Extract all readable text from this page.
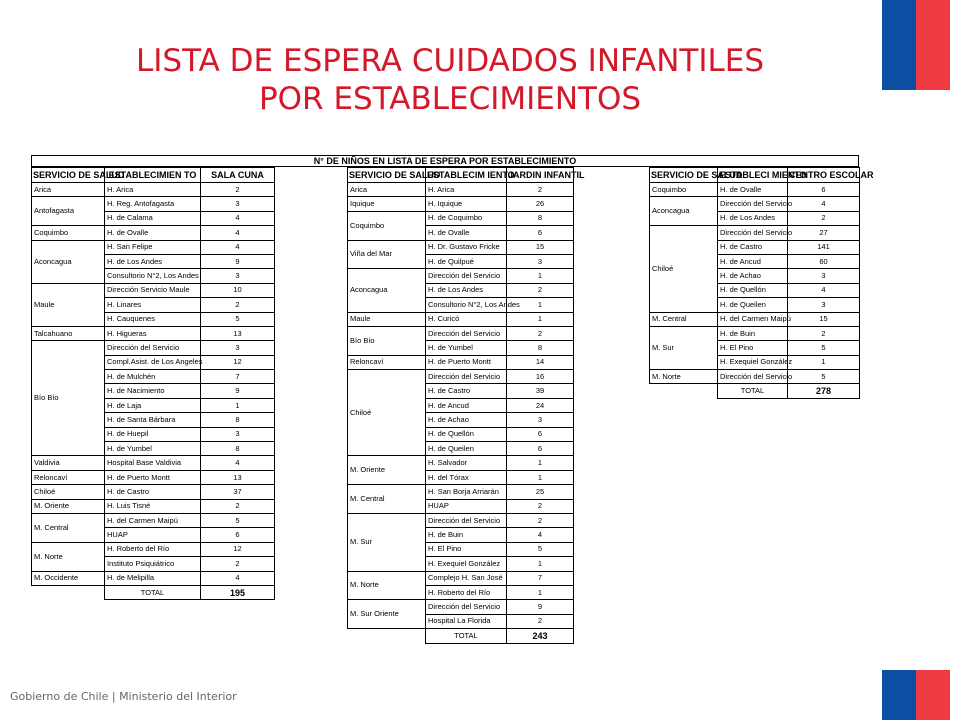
LISTA DE ESPERA CUIDADOS INFANTILES
POR ESTABLECIMIENTOS
N° DE NIÑOS EN LISTA DE ESPERA POR ESTABLECIMIENTO
SERVICIO DE SALUD	ESTABLECIMIEN TO	SALA CUNA
Arica	H. Arica	2
Antofagasta	H. Reg. Antofagasta	3
	H. de Calama	4
Coquimbo	H. de Ovalle	4
Aconcagua	H. San Felipe	4
	H. de Los Andes	9
	Consultorio N°2, Los Andes	3
Maule	Dirección Servicio Maule	10
	H. Linares	2
	H. Cauquenes	5
Talcahuano	H. Higueras	13
Bío Bío	Dirección del Servicio	3
	Compl.Asist. de Los Angeles	12
	H. de Mulchén	7
	H. de Nacimiento	9
	H. de Laja	1
	H. de Santa Bárbara	8
	H. de Huepil	3
	H. de Yumbel	8
Valdivia	Hospital Base Valdivia	4
Reloncaví	H. de Puerto Montt	13
Chiloé	H. de Castro	37
M. Oriente	H. Luis Tisné	2
M. Central	H. del Carmen Maipú	5
	HUAP	6
M. Norte	H. Roberto del Río	12
	Instituto Psiquiátrico	2
M. Occidente	H. de Melipilla	4
	TOTAL	195
SERVICIO DE SALUD	ESTABLECIM IENTO	JARDIN INFANTIL
Arica	H. Arica	2
Iquique	H. Iquique	26
Coquimbo	H. de Coquimbo	8
	H. de Ovalle	6
Viña del Mar	H. Dr. Gustavo Fricke	15
	H. de Quilpué	3
Aconcagua	Dirección del Servicio	1
	H. de Los Andes	2
	Consultorio N°2, Los Andes	1
Maule	H. Curicó	1
Bío Bío	Dirección del Servicio	2
	H. de Yumbel	8
Reloncaví	H. de Puerto Montt	14
Chiloé	Dirección del Servicio	16
	H. de Castro	39
	H. de Ancud	24
	H. de Achao	3
	H. de Quellón	6
	H. de Queilen	6
M. Oriente	H. Salvador	1
	H. del Tórax	1
M. Central	H. San Borja Arriarán	25
	HUAP	2
M. Sur	Dirección del Servicio	2
	H. de Buin	4
	H. El Pino	5
	H. Exequiel González	1
M. Norte	Complejo H. San José	7
	H. Roberto del Río	1
M. Sur Oriente	Dirección del Servicio	9
	Hospital La Florida	2
	TOTAL	243
SERVICIO DE SALUD	ESTABLECI MIENTO	CENTRO ESCOLAR
Coquimbo	H. de Ovalle	6
Aconcagua	Dirección del Servicio	4
	H. de Los Andes	2
Chiloé	Dirección del Servicio	27
	H. de Castro	141
	H. de Ancud	60
	H. de Achao	3
	H. de Quellón	4
	H. de Queilen	3
M. Central	H. del Carmen Maipú	15
M. Sur	H. de Buin	2
	H. El Pino	5
	H. Exequiel González	1
M. Norte	Dirección del Servicio	5
	TOTAL	278
Gobierno de Chile | Ministerio del Interior
